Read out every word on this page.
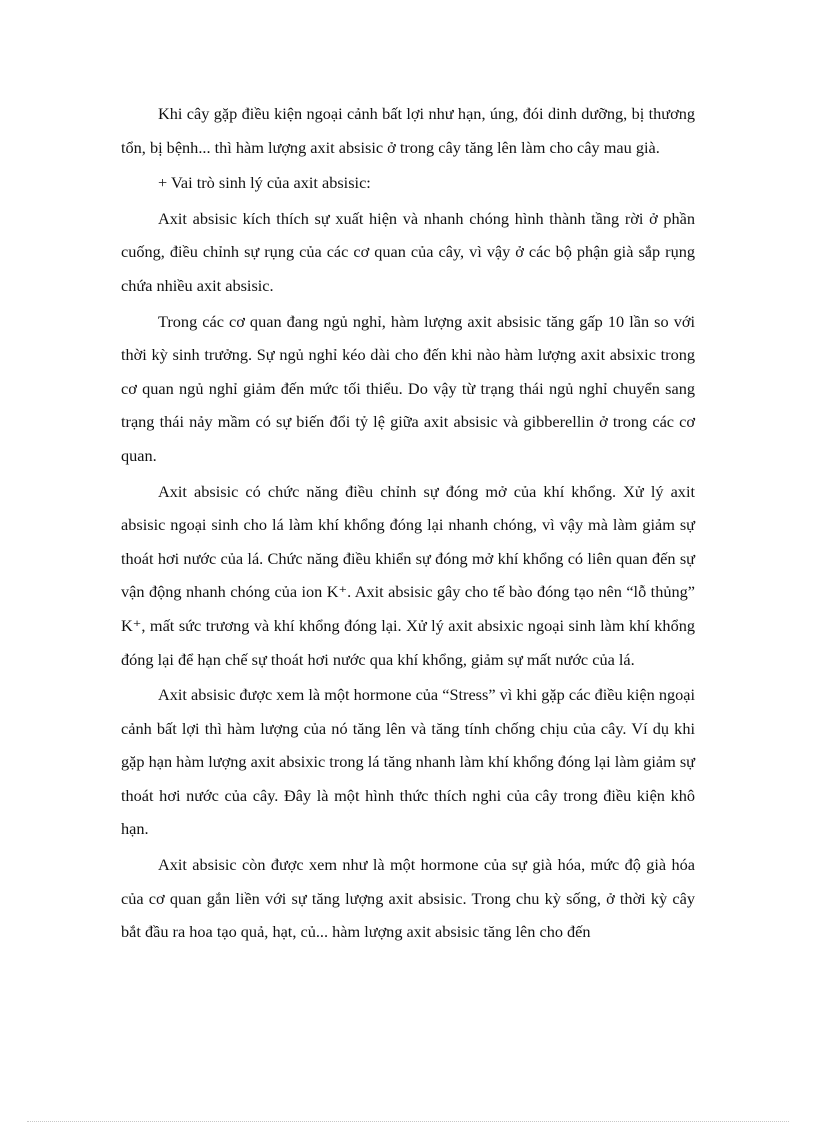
Khi cây gặp điều kiện ngoại cảnh bất lợi như hạn, úng, đói dinh dưỡng, bị thương tổn, bị bệnh... thì hàm lượng axit absisic ở trong cây tăng lên làm cho cây mau già.

+ Vai trò sinh lý của axit absisic:

Axit absisic kích thích sự xuất hiện và nhanh chóng hình thành tầng rời ở phần cuống, điều chỉnh sự rụng của các cơ quan của cây, vì vậy ở các bộ phận già sắp rụng chứa nhiều axit absisic.

Trong các cơ quan đang ngủ nghỉ, hàm lượng axit absisic tăng gấp 10 lần so với thời kỳ sinh trưởng. Sự ngủ nghỉ kéo dài cho đến khi nào hàm lượng axit absixic trong cơ quan ngủ nghỉ giảm đến mức tối thiểu. Do vậy từ trạng thái ngủ nghỉ chuyển sang trạng thái nảy mầm có sự biến đổi tỷ lệ giữa axit absisic và gibberellin ở trong các cơ quan.

Axit absisic có chức năng điều chỉnh sự đóng mở của khí khổng. Xử lý axit absisic ngoại sinh cho lá làm khí khổng đóng lại nhanh chóng, vì vậy mà làm giảm sự thoát hơi nước của lá. Chức năng điều khiển sự đóng mở khí khổng có liên quan đến sự vận động nhanh chóng của ion K⁺. Axit absisic gây cho tế bào đóng tạo nên “lỗ thủng” K⁺, mất sức trương và khí khổng đóng lại. Xử lý axit absixic ngoại sinh làm khí khổng đóng lại để hạn chế sự thoát hơi nước qua khí khổng, giảm sự mất nước của lá.

Axit absisic được xem là một hormone của “Stress” vì khi gặp các điều kiện ngoại cảnh bất lợi thì hàm lượng của nó tăng lên và tăng tính chống chịu của cây. Ví dụ khi gặp hạn hàm lượng axit absixic trong lá tăng nhanh làm khí khổng đóng lại làm giảm sự thoát hơi nước của cây. Đây là một hình thức thích nghi của cây trong điều kiện khô hạn.

Axit absisic còn được xem như là một hormone của sự già hóa, mức độ già hóa của cơ quan gắn liền với sự tăng lượng axit absisic. Trong chu kỳ sống, ở thời kỳ cây bắt đầu ra hoa tạo quả, hạt, củ... hàm lượng axit absisic tăng lên cho đến
